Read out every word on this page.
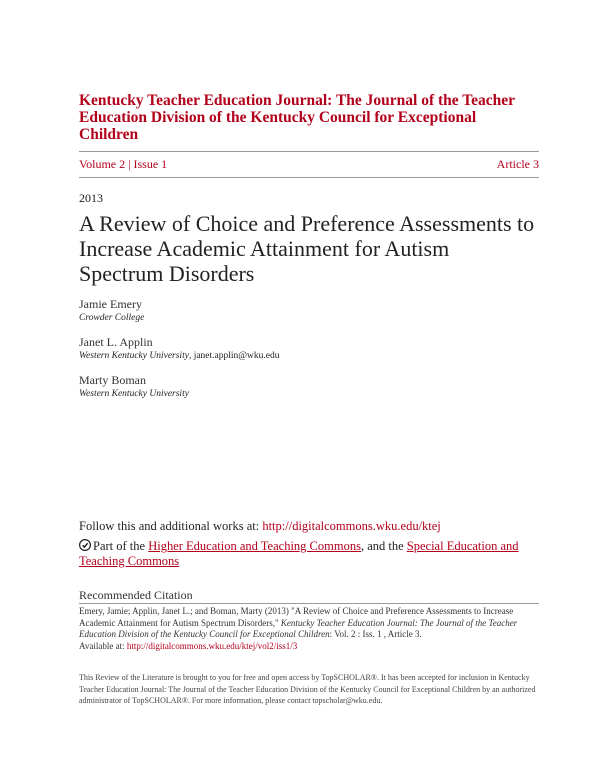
Kentucky Teacher Education Journal: The Journal of the Teacher Education Division of the Kentucky Council for Exceptional Children
Volume 2 | Issue 1	Article 3
2013
A Review of Choice and Preference Assessments to Increase Academic Attainment for Autism Spectrum Disorders
Jamie Emery
Crowder College
Janet L. Applin
Western Kentucky University, janet.applin@wku.edu
Marty Boman
Western Kentucky University
Follow this and additional works at: http://digitalcommons.wku.edu/ktej
Part of the Higher Education and Teaching Commons, and the Special Education and Teaching Commons
Recommended Citation
Emery, Jamie; Applin, Janet L.; and Boman, Marty (2013) "A Review of Choice and Preference Assessments to Increase Academic Attainment for Autism Spectrum Disorders," Kentucky Teacher Education Journal: The Journal of the Teacher Education Division of the Kentucky Council for Exceptional Children: Vol. 2 : Iss. 1 , Article 3.
Available at: http://digitalcommons.wku.edu/ktej/vol2/iss1/3
This Review of the Literature is brought to you for free and open access by TopSCHOLAR®. It has been accepted for inclusion in Kentucky Teacher Education Journal: The Journal of the Teacher Education Division of the Kentucky Council for Exceptional Children by an authorized administrator of TopSCHOLAR®. For more information, please contact topscholar@wku.edu.
